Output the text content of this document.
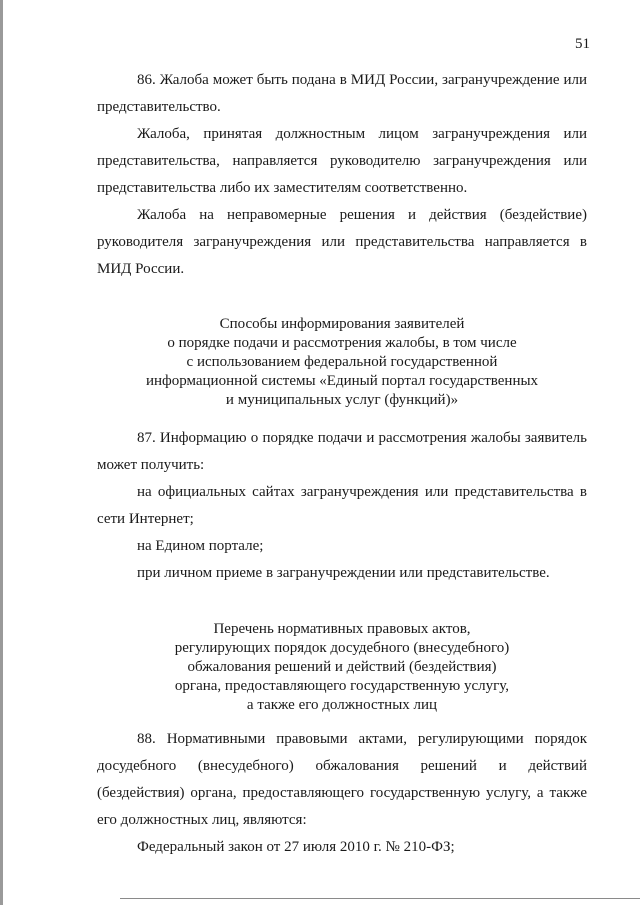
51

86. Жалоба может быть подана в МИД России, загранучреждение или представительство.

Жалоба, принятая должностным лицом загранучреждения или представительства, направляется руководителю загранучреждения или представительства либо их заместителям соответственно.

Жалоба на неправомерные решения и действия (бездействие) руководителя загранучреждения или представительства направляется в МИД России.

Способы информирования заявителей
о порядке подачи и рассмотрения жалобы, в том числе
с использованием федеральной государственной
информационной системы «Единый портал государственных
и муниципальных услуг (функций)»

87. Информацию о порядке подачи и рассмотрения жалобы заявитель может получить:

на официальных сайтах загранучреждения или представительства в сети Интернет;

на Едином портале;

при личном приеме в загранучреждении или представительстве.

Перечень нормативных правовых актов,
регулирующих порядок досудебного (внесудебного)
обжалования решений и действий (бездействия)
органа, предоставляющего государственную услугу,
а также его должностных лиц

88. Нормативными правовыми актами, регулирующими порядок досудебного (внесудебного) обжалования решений и действий (бездействия) органа, предоставляющего государственную услугу, а также его должностных лиц, являются:

Федеральный закон от 27 июля 2010 г. № 210-ФЗ;
